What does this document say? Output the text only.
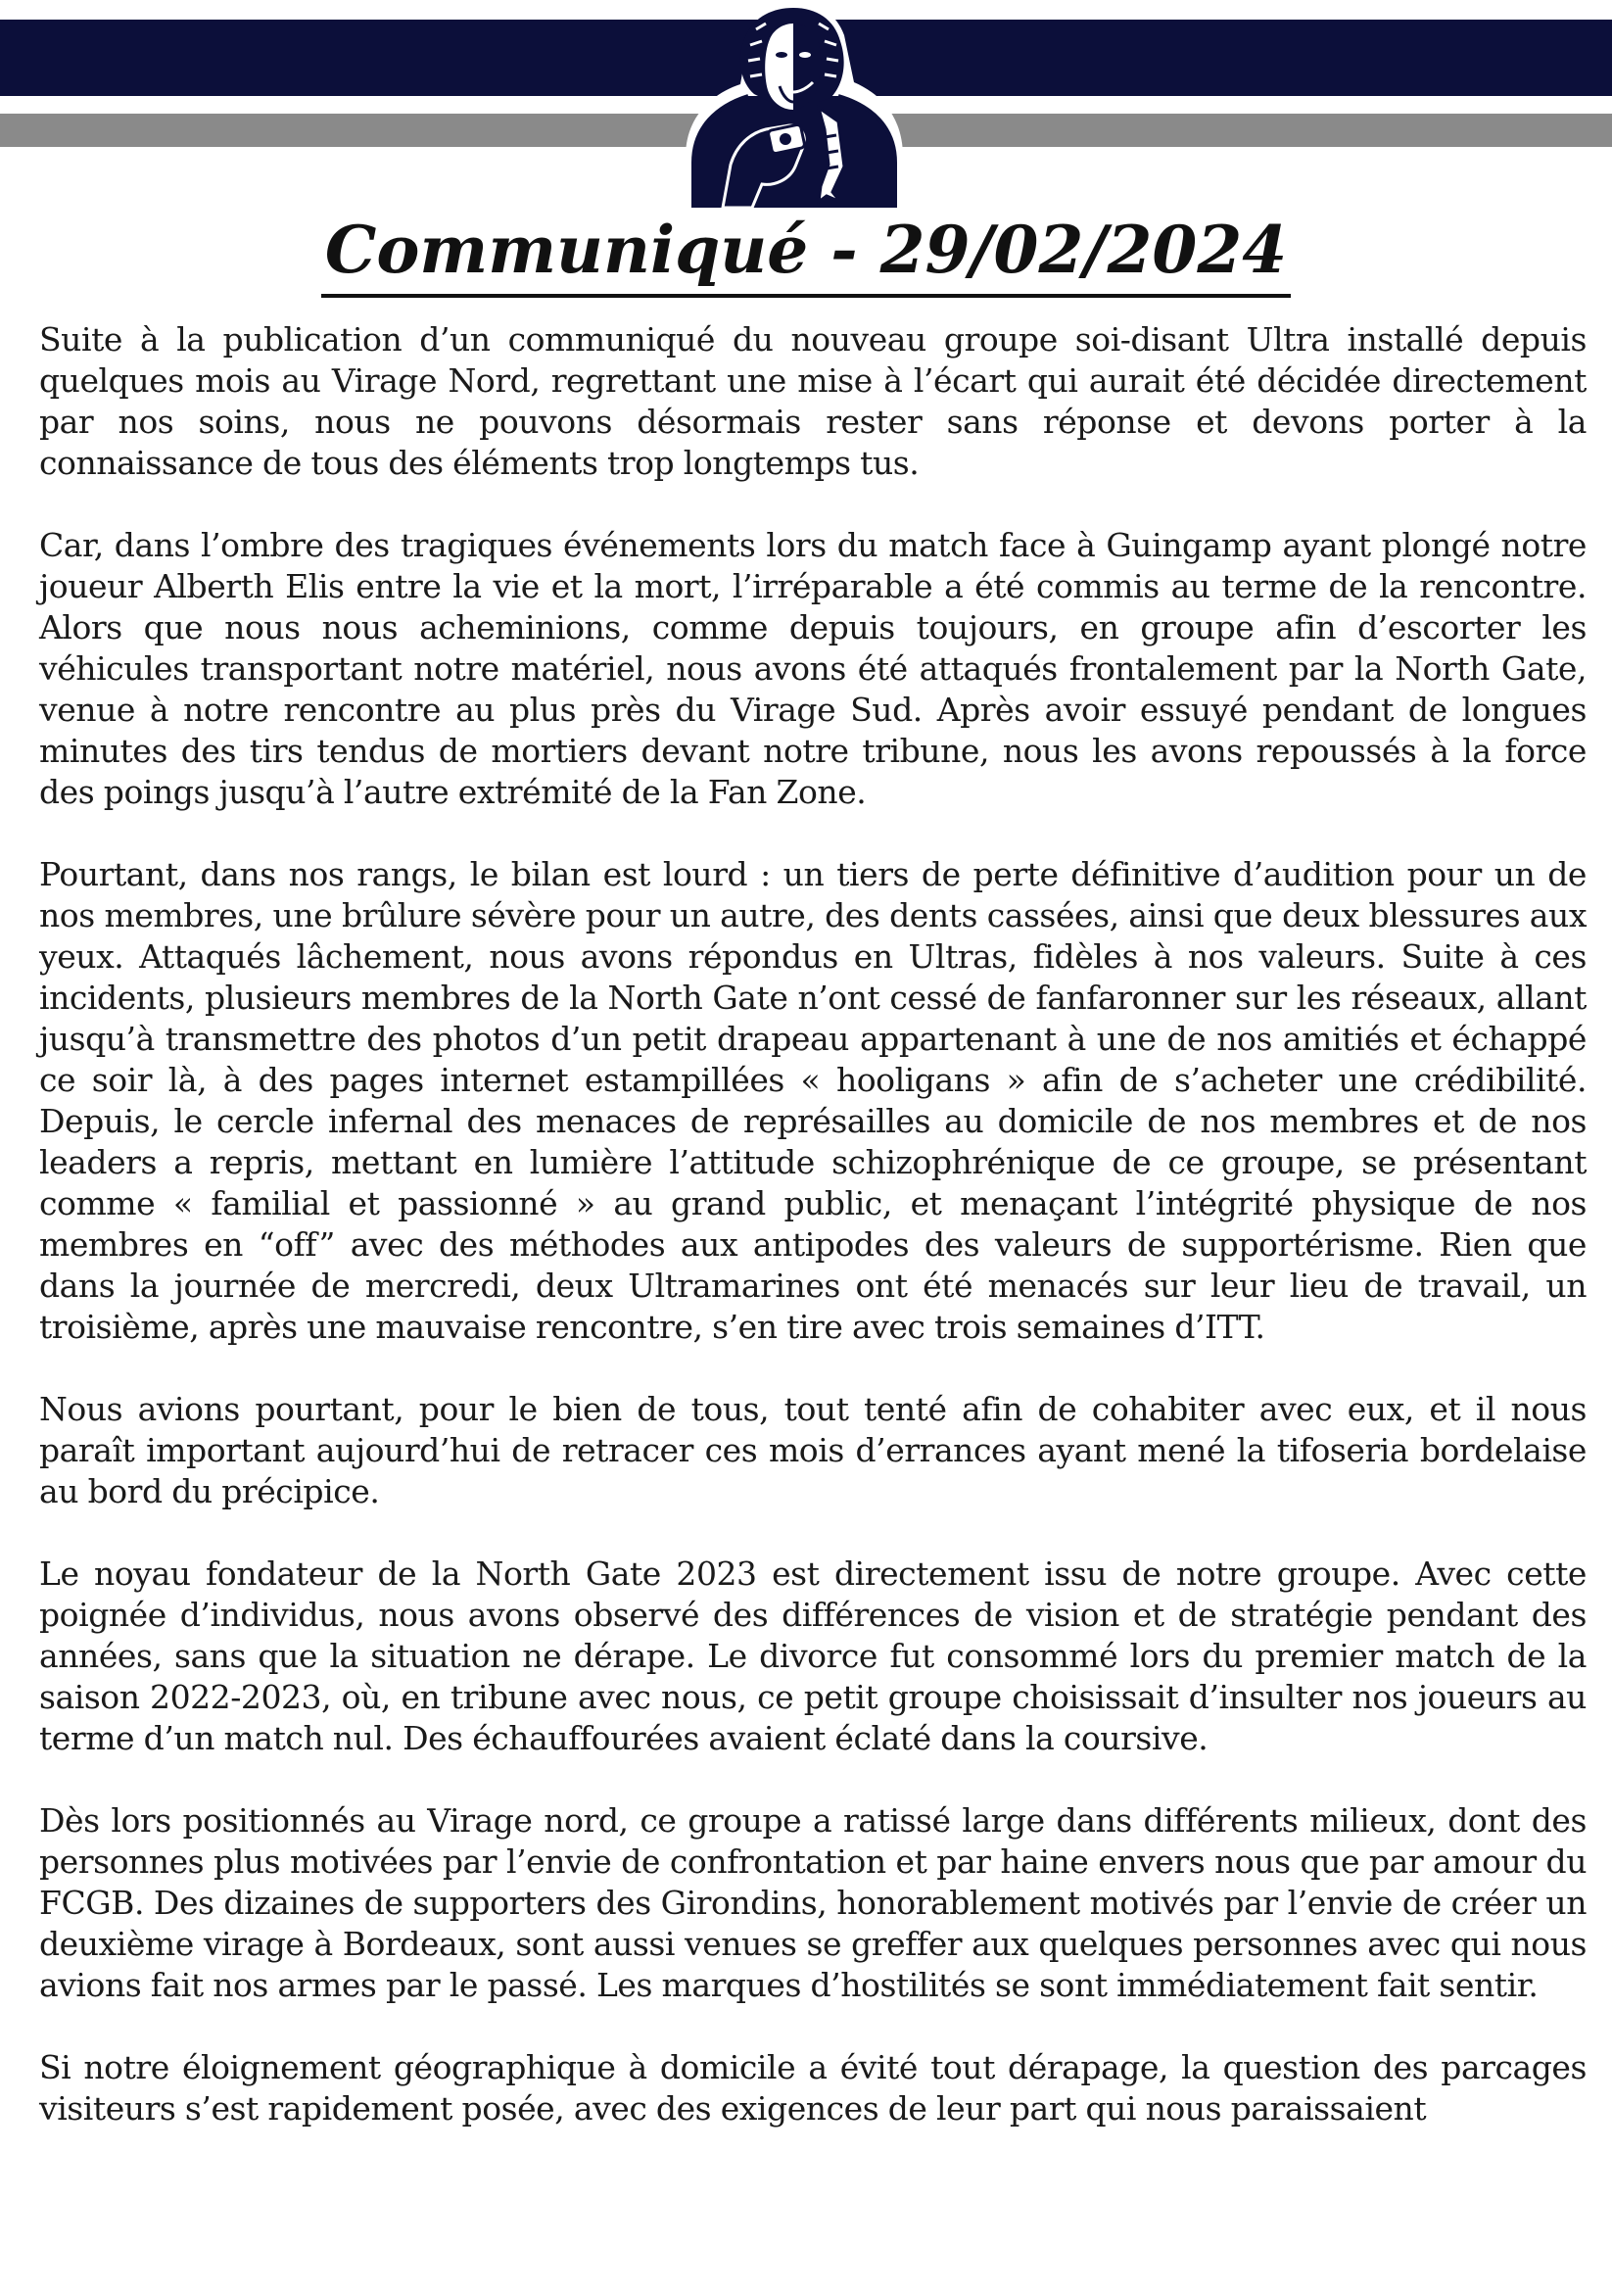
Communiqué - 29/02/2024

Suite à la publication d’un communiqué du nouveau groupe soi-disant Ultra installé depuis quelques mois au Virage Nord, regrettant une mise à l’écart qui aurait été décidée directement par nos soins, nous ne pouvons désormais rester sans réponse et devons porter à la connaissance de tous des éléments trop longtemps tus.

Car, dans l’ombre des tragiques événements lors du match face à Guingamp ayant plongé notre joueur Alberth Elis entre la vie et la mort, l’irréparable a été commis au terme de la rencontre. Alors que nous nous acheminions, comme depuis toujours, en groupe afin d’escorter les véhicules transportant notre matériel, nous avons été attaqués frontalement par la North Gate, venue à notre rencontre au plus près du Virage Sud. Après avoir essuyé pendant de longues minutes des tirs tendus de mortiers devant notre tribune, nous les avons repoussés à la force des poings jusqu’à l’autre extrémité de la Fan Zone.

Pourtant, dans nos rangs, le bilan est lourd : un tiers de perte définitive d’audition pour un de nos membres, une brûlure sévère pour un autre, des dents cassées, ainsi que deux blessures aux yeux. Attaqués lâchement, nous avons répondus en Ultras, fidèles à nos valeurs. Suite à ces incidents, plusieurs membres de la North Gate n’ont cessé de fanfaronner sur les réseaux, allant jusqu’à transmettre des photos d’un petit drapeau appartenant à une de nos amitiés et échappé ce soir là, à des pages internet estampillées « hooligans » afin de s’acheter une crédibilité. Depuis, le cercle infernal des menaces de représailles au domicile de nos membres et de nos leaders a repris, mettant en lumière l’attitude schizophrénique de ce groupe, se présentant comme « familial et passionné » au grand public, et menaçant l’intégrité physique de nos membres en “off” avec des méthodes aux antipodes des valeurs de supportérisme. Rien que dans la journée de mercredi, deux Ultramarines ont été menacés sur leur lieu de travail, un troisième, après une mauvaise rencontre, s’en tire avec trois semaines d’ITT.

Nous avions pourtant, pour le bien de tous, tout tenté afin de cohabiter avec eux, et il nous paraît important aujourd’hui de retracer ces mois d’errances ayant mené la tifoseria bordelaise au bord du précipice.

Le noyau fondateur de la North Gate 2023 est directement issu de notre groupe. Avec cette poignée d’individus, nous avons observé des différences de vision et de stratégie pendant des années, sans que la situation ne dérape. Le divorce fut consommé lors du premier match de la saison 2022-2023, où, en tribune avec nous, ce petit groupe choisissait d’insulter nos joueurs au terme d’un match nul. Des échauffourées avaient éclaté dans la coursive.

Dès lors positionnés au Virage nord, ce groupe a ratissé large dans différents milieux, dont des personnes plus motivées par l’envie de confrontation et par haine envers nous que par amour du FCGB. Des dizaines de supporters des Girondins, honorablement motivés par l’envie de créer un deuxième virage à Bordeaux, sont aussi venues se greffer aux quelques personnes avec qui nous avions fait nos armes par le passé. Les marques d’hostilités se sont immédiatement fait sentir.

Si notre éloignement géographique à domicile a évité tout dérapage, la question des parcages visiteurs s’est rapidement posée, avec des exigences de leur part qui nous paraissaient
